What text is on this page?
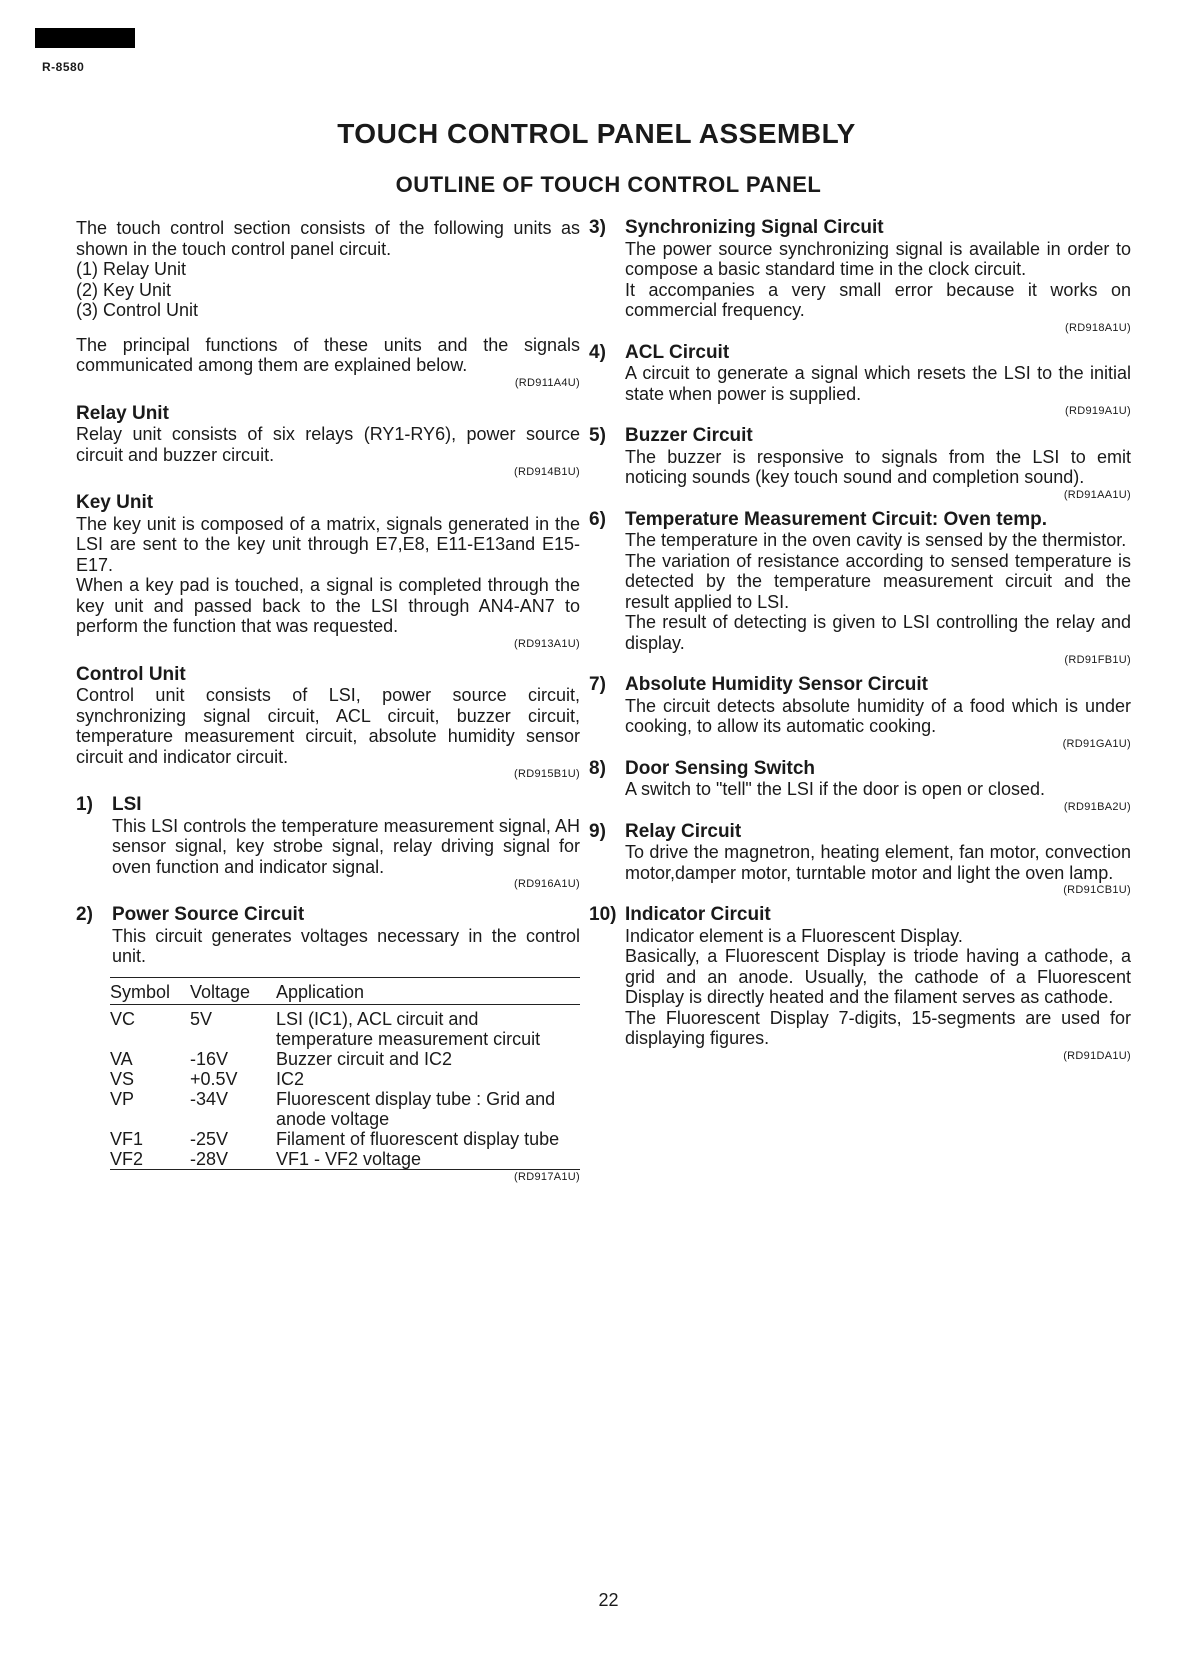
R-8580
TOUCH CONTROL PANEL ASSEMBLY
OUTLINE OF TOUCH CONTROL PANEL

The touch control section consists of the following units as shown in the touch control panel circuit.

(1) Relay Unit
(2) Key Unit
(3) Control Unit

The principal functions of these units and the signals communicated among them are explained below.

(RD911A4U)
Relay Unit

Relay unit consists of six relays (RY1-RY6), power source circuit and buzzer circuit.

(RD914B1U)
Key Unit

The key unit is composed of a matrix, signals generated in the LSI are sent to the key unit through E7,E8, E11-E13and E15-E17.

When a key pad is touched, a signal is completed through the key unit and passed back to the LSI through AN4-AN7 to perform the function that was requested.

(RD913A1U)
Control Unit

Control unit consists of LSI, power source circuit, synchronizing signal circuit, ACL circuit, buzzer circuit, temperature measurement circuit, absolute humidity sensor circuit and indicator circuit.

(RD915B1U)
1)	LSI

This LSI controls the temperature measurement signal, AH sensor signal, key strobe signal, relay driving signal for oven function and indicator signal.

(RD916A1U)
2)	Power Source Circuit

This circuit generates voltages necessary in the control unit.

Symbol	Voltage	Application
VC	5V	LSI (IC1), ACL circuit and temperature measurement circuit
VA	-16V	Buzzer circuit and IC2
VS	+0.5V	IC2
VP	-34V	Fluorescent display tube : Grid and anode voltage
VF1	-25V	Filament of fluorescent display tube
VF2	-28V	VF1 - VF2 voltage
(RD917A1U)
3)	Synchronizing Signal Circuit

The power source synchronizing signal is available in order to compose a basic standard time in the clock circuit.

It accompanies a very small error because it works on commercial frequency.

(RD918A1U)
4)	ACL Circuit

A circuit to generate a signal which resets the LSI to the initial state when power is supplied.

(RD919A1U)
5)	Buzzer Circuit

The buzzer is responsive to signals from the LSI to emit noticing sounds (key touch sound and completion sound).

(RD91AA1U)
6)	Temperature Measurement Circuit: Oven temp.

The temperature in the oven cavity is sensed by the thermistor.

The variation of resistance according to sensed temperature is detected by the temperature measurement circuit and the result applied to LSI.

The result of detecting is given to LSI controlling the relay and display.

(RD91FB1U)
7)	Absolute Humidity Sensor Circuit

The circuit detects absolute humidity of a food which is under cooking, to allow its automatic cooking.

(RD91GA1U)
8)	Door Sensing Switch

A switch to "tell" the LSI if the door is open or closed.

(RD91BA2U)
9)	Relay Circuit

To drive the magnetron, heating element, fan motor, convection motor,damper motor, turntable motor and light the oven lamp.

(RD91CB1U)
10) Indicator Circuit

Indicator element is a Fluorescent Display.

Basically, a Fluorescent Display is triode having a cathode, a grid and an anode. Usually, the cathode of a Fluorescent Display is directly heated and the filament serves as cathode.

The Fluorescent Display 7-digits, 15-segments are used for displaying figures.

(RD91DA1U)
22
